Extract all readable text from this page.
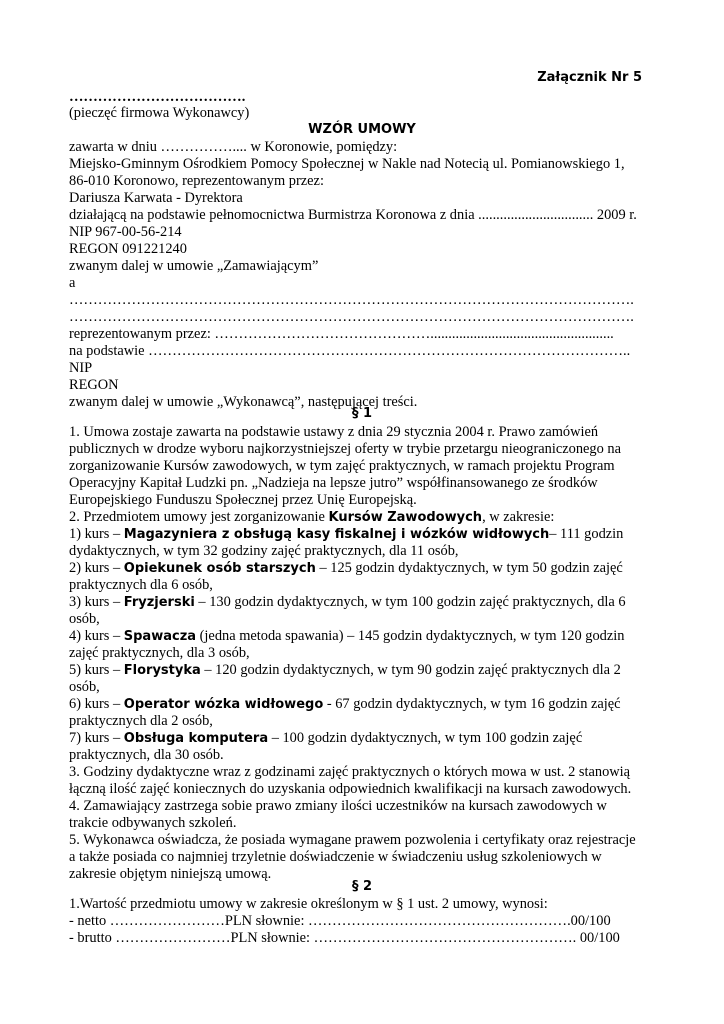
Załącznik Nr 5
……………………………….
(pieczęć firmowa Wykonawcy)
WZÓR UMOWY
zawarta w dniu …………….... w Koronowie, pomiędzy:
Miejsko-Gminnym Ośrodkiem Pomocy Społecznej w Nakle nad Notecią ul. Pomianowskiego 1,
86-010 Koronowo, reprezentowanym przez:
Dariusza Karwata - Dyrektora
działającą na podstawie pełnomocnictwa Burmistrza Koronowa z dnia ................................ 2009 r.
NIP 967-00-56-214
REGON 091221240
zwanym dalej w umowie „Zamawiającym”
a
……………………………………………………………………………………………………….
……………………………………………………………………………………………………….
reprezentowanym przez: ………………………………………...................................................
na podstawie ………………………………………………………………………………………..
NIP
REGON
zwanym dalej w umowie „Wykonawcą”, następującej treści.
§ 1
1. Umowa zostaje zawarta na podstawie ustawy z dnia 29 stycznia 2004 r. Prawo zamówień
publicznych w drodze wyboru najkorzystniejszej oferty w trybie przetargu nieograniczonego na
zorganizowanie Kursów zawodowych, w tym zajęć praktycznych, w ramach projektu Program
Operacyjny Kapitał Ludzki pn. „Nadzieja na lepsze jutro” współfinansowanego ze środków
Europejskiego Funduszu Społecznej przez Unię Europejską.
2. Przedmiotem umowy jest zorganizowanie Kursów Zawodowych, w zakresie:
1) kurs – Magazyniera z obsługą kasy fiskalnej i wózków widłowych– 111 godzin
dydaktycznych, w tym 32 godziny zajęć praktycznych, dla 11 osób,
2) kurs – Opiekunek osób starszych – 125 godzin dydaktycznych, w tym 50 godzin zajęć
praktycznych dla 6 osób,
3) kurs – Fryzjerski – 130 godzin dydaktycznych, w tym 100 godzin zajęć praktycznych, dla 6
osób,
4) kurs – Spawacza (jedna metoda spawania) – 145 godzin dydaktycznych, w tym 120 godzin
zajęć praktycznych, dla 3 osób,
5) kurs – Florystyka – 120 godzin dydaktycznych, w tym 90 godzin zajęć praktycznych dla 2
osób,
6) kurs – Operator wózka widłowego - 67 godzin dydaktycznych, w tym 16 godzin zajęć
praktycznych dla 2 osób,
7) kurs – Obsługa komputera – 100 godzin dydaktycznych, w tym 100 godzin zajęć
praktycznych, dla 30 osób.
3. Godziny dydaktyczne wraz z godzinami zajęć praktycznych o których mowa w ust. 2 stanowią
łączną ilość zajęć koniecznych do uzyskania odpowiednich kwalifikacji na kursach zawodowych.
4. Zamawiający zastrzega sobie prawo zmiany ilości uczestników na kursach zawodowych w
trakcie odbywanych szkoleń.
5. Wykonawca oświadcza, że posiada wymagane prawem pozwolenia i certyfikaty oraz rejestracje
a także posiada co najmniej trzyletnie doświadczenie w świadczeniu usług szkoleniowych w
zakresie objętym niniejszą umową.
§ 2
1.Wartość przedmiotu umowy w zakresie określonym w § 1 ust. 2 umowy, wynosi:
- netto ……………………PLN słownie: ……………………………………………….00/100
- brutto ……………………PLN słownie: ………………………………………………. 00/100
